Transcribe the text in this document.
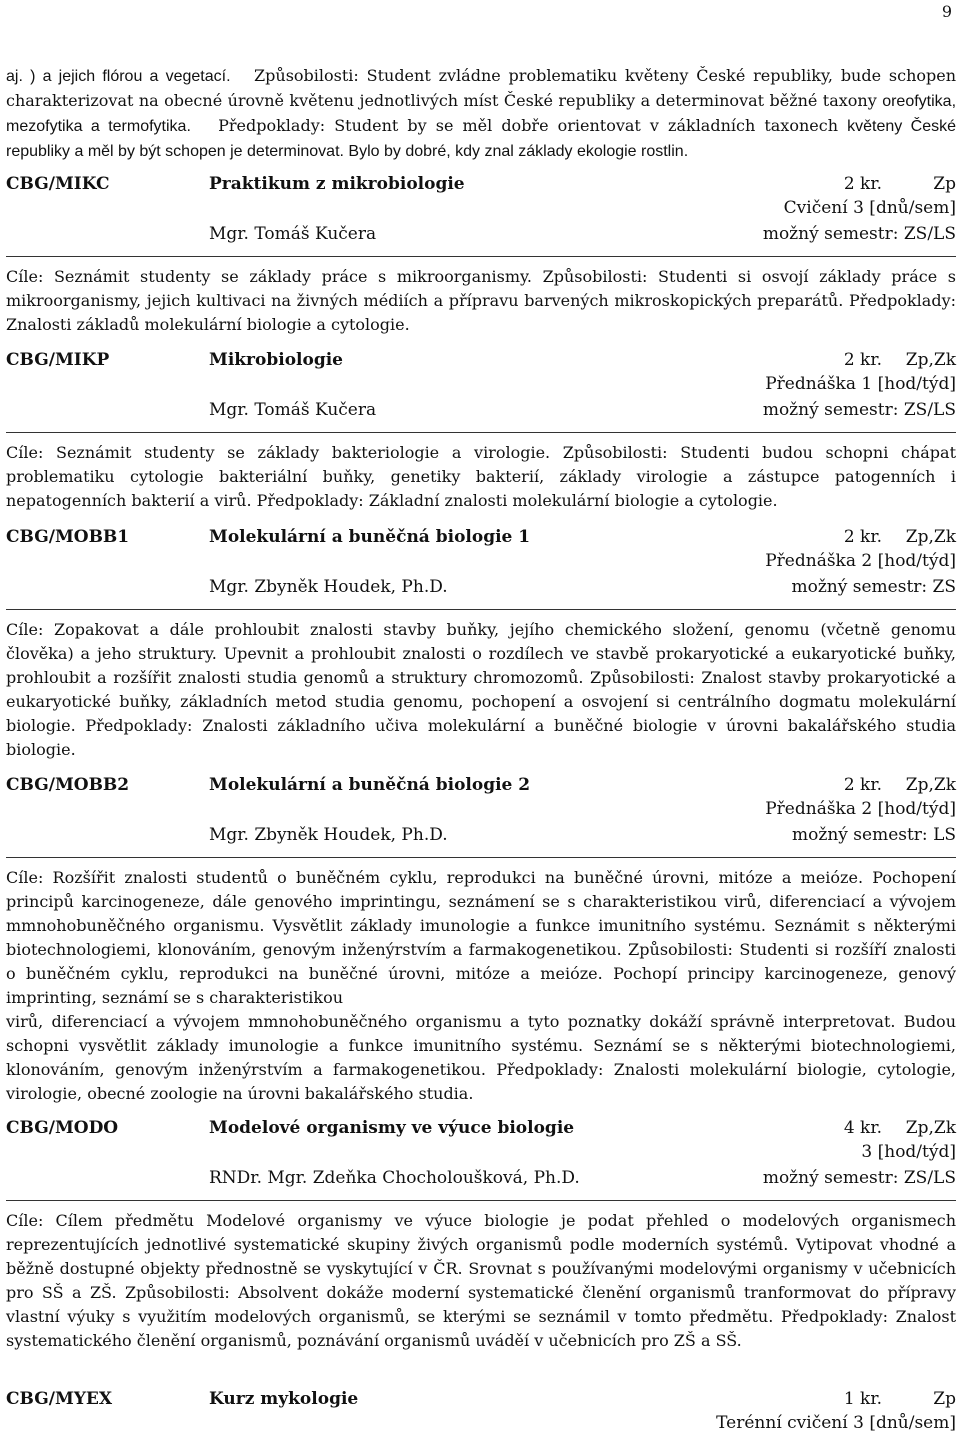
9
aj. ) a jejich flórou a vegetací. Způsobilosti: Student zvládne problematiku květeny České republiky, bude schopen charakterizovat na obecné úrovně květenu jednotlivých míst České republiky a determinovat běžné taxony oreofytika, mezofytika a termofytika. Předpoklady: Student by se měl dobře orientovat v základních taxonech květeny České republiky a měl by být schopen je determinovat. Bylo by dobré, kdy znal základy ekologie rostlin.
CBG/MIKC	Praktikum z mikrobiologie	2 kr.	Zp
Cvičení 3 [dnů/sem]
Mgr. Tomáš Kučera	možný semestr: ZS/LS
Cíle: Seznámit studenty se základy práce s mikroorganismy. Způsobilosti: Studenti si osvojí základy práce s mikroorganismy, jejich kultivaci na živných médiích a přípravu barvených mikroskopických preparátů. Předpoklady: Znalosti základů molekulární biologie a cytologie.
CBG/MIKP	Mikrobiologie	2 kr. Zp,Zk
Přednáška 1 [hod/týd]
Mgr. Tomáš Kučera	možný semestr: ZS/LS
Cíle: Seznámit studenty se základy bakteriologie a virologie. Způsobilosti: Studenti budou schopni chápat problematiku cytologie bakteriální buňky, genetiky bakterií, základy virologie a zástupce patogenních i nepatogenních bakterií a virů. Předpoklady: Základní znalosti molekulární biologie a cytologie.
CBG/MOBB1	Molekulární a buněčná biologie 1	2 kr. Zp,Zk
Přednáška 2 [hod/týd]
Mgr. Zbyněk Houdek, Ph.D.	možný semestr: ZS
Cíle: Zopakovat a dále prohloubit znalosti stavby buňky, jejího chemického složení, genomu (včetně genomu člověka) a jeho struktury. Upevnit a prohloubit znalosti o rozdílech ve stavbě prokaryotické a eukaryotické buňky, prohloubit a rozšířit znalosti studia genomů a struktury chromozomů. Způsobilosti: Znalost stavby prokaryotické a eukaryotické buňky, základních metod studia genomu, pochopení a osvojení si centrálního dogmatu molekulární biologie. Předpoklady: Znalosti základního učiva molekulární a buněčné biologie v úrovni bakalářského studia biologie.
CBG/MOBB2	Molekulární a buněčná biologie 2	2 kr. Zp,Zk
Přednáška 2 [hod/týd]
Mgr. Zbyněk Houdek, Ph.D.	možný semestr: LS
Cíle: Rozšířit znalosti studentů o buněčném cyklu, reprodukci na buněčné úrovni, mitóze a meióze. Pochopení principů karcinogeneze, dále genového imprintingu, seznámení se s charakteristikou virů, diferenciací a vývojem mmnohobuněčného organismu. Vysvětlit základy imunologie a funkce imunitního systému. Seznámit s některými biotechnologiemi, klonováním, genovým inženýrstvím a farmakogenetikou. Způsobilosti: Studenti si rozšíří znalosti o buněčném cyklu, reprodukci na buněčné úrovni, mitóze a meióze. Pochopí principy karcinogeneze, genový imprinting, seznámí se s charakteristikou
virů, diferenciací a vývojem mmnohobuněčného organismu a tyto poznatky dokáží správně interpretovat. Budou schopni vysvětlit základy imunologie a funkce imunitního systému. Seznámí se s některými biotechnologiemi, klonováním, genovým inženýrstvím a farmakogenetikou. Předpoklady: Znalosti molekulární biologie, cytologie, virologie, obecné zoologie na úrovni bakalářského studia.
CBG/MODO	Modelové organismy ve výuce biologie	4 kr. Zp,Zk
3 [hod/týd]
RNDr. Mgr. Zdeňka Chocholoušková, Ph.D.	možný semestr: ZS/LS
Cíle: Cílem předmětu Modelové organismy ve výuce biologie je podat přehled o modelových organismech reprezentujících jednotlivé systematické skupiny živých organismů podle moderních systémů. Vytipovat vhodné a běžně dostupné objekty přednostně se vyskytující v ČR. Srovnat s používanými modelovými organismy v učebnicích pro SŠ a ZŠ. Způsobilosti: Absolvent dokáže moderní systematické členění organismů tranformovat do přípravy vlastní výuky s využitím modelových organismů, se kterými se seznámil v tomto předmětu. Předpoklady: Znalost systematického členění organismů, poznávání organismů uváděí v učebnicích pro ZŠ a SŠ.
CBG/MYEX	Kurz mykologie	1 kr.	Zp
Terénní cvičení 3 [dnů/sem]
